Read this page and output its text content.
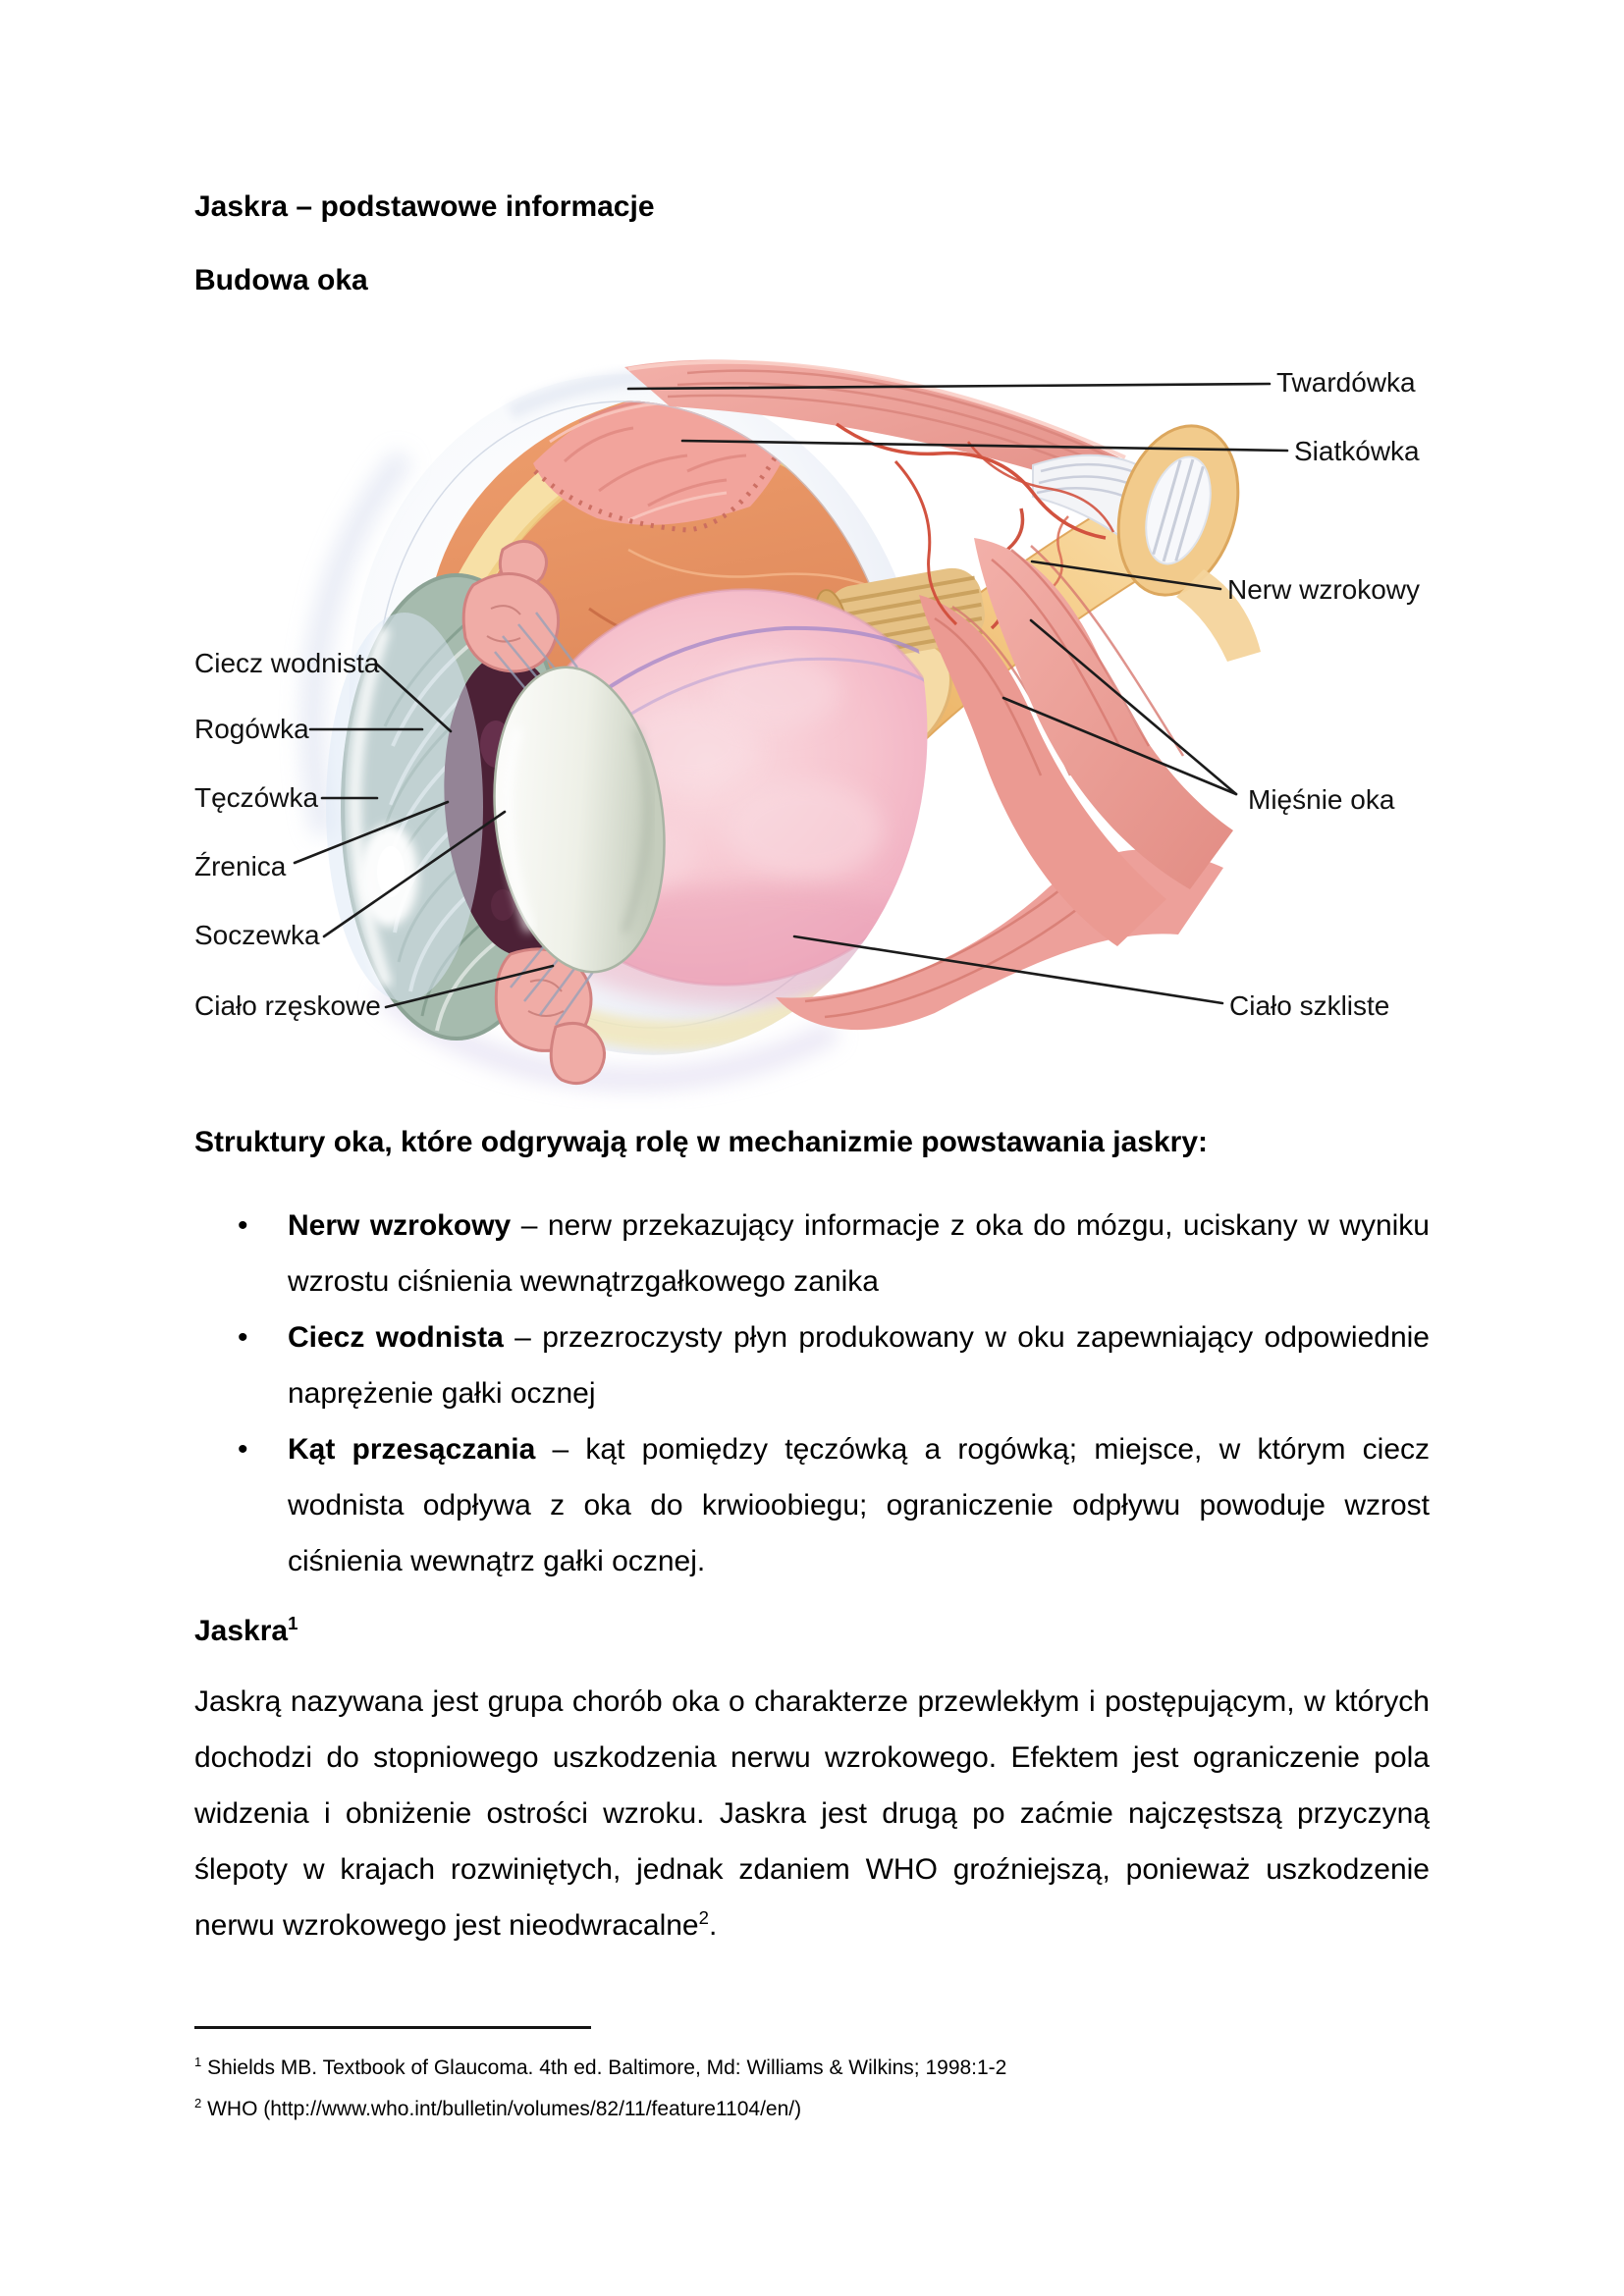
Jaskra – podstawowe informacje
Budowa oka
Ciecz wodnista
Rogówka
Tęczówka
Źrenica
Soczewka
Ciało rzęskowe
Twardówka
Siatkówka
Nerw wzrokowy
Mięśnie oka
Ciało szkliste
Struktury oka, które odgrywają rolę w mechanizmie powstawania jaskry:
• Nerw wzrokowy – nerw przekazujący informacje z oka do mózgu, uciskany w wyniku wzrostu ciśnienia wewnątrzgałkowego zanika
• Ciecz wodnista – przezroczysty płyn produkowany w oku zapewniający odpowiednie naprężenie gałki ocznej
• Kąt przesączania – kąt pomiędzy tęczówką a rogówką; miejsce, w którym ciecz wodnista odpływa z oka do krwioobiegu; ograniczenie odpływu powoduje wzrost ciśnienia wewnątrz gałki ocznej.
Jaskra$^1$
Jaskrą nazywana jest grupa chorób oka o charakterze przewlekłym i postępującym, w których dochodzi do stopniowego uszkodzenia nerwu wzrokowego. Efektem jest ograniczenie pola widzenia i obniżenie ostrości wzroku. Jaskra jest drugą po zaćmie najczęstszą przyczyną ślepoty w krajach rozwiniętych, jednak zdaniem WHO groźniejszą, ponieważ uszkodzenie nerwu wzrokowego jest nieodwracalne$^2$.
$^1$ Shields MB. Textbook of Glaucoma. 4th ed. Baltimore, Md: Williams & Wilkins; 1998:1-2
$^2$ WHO (http://www.who.int/bulletin/volumes/82/11/feature1104/en/)
